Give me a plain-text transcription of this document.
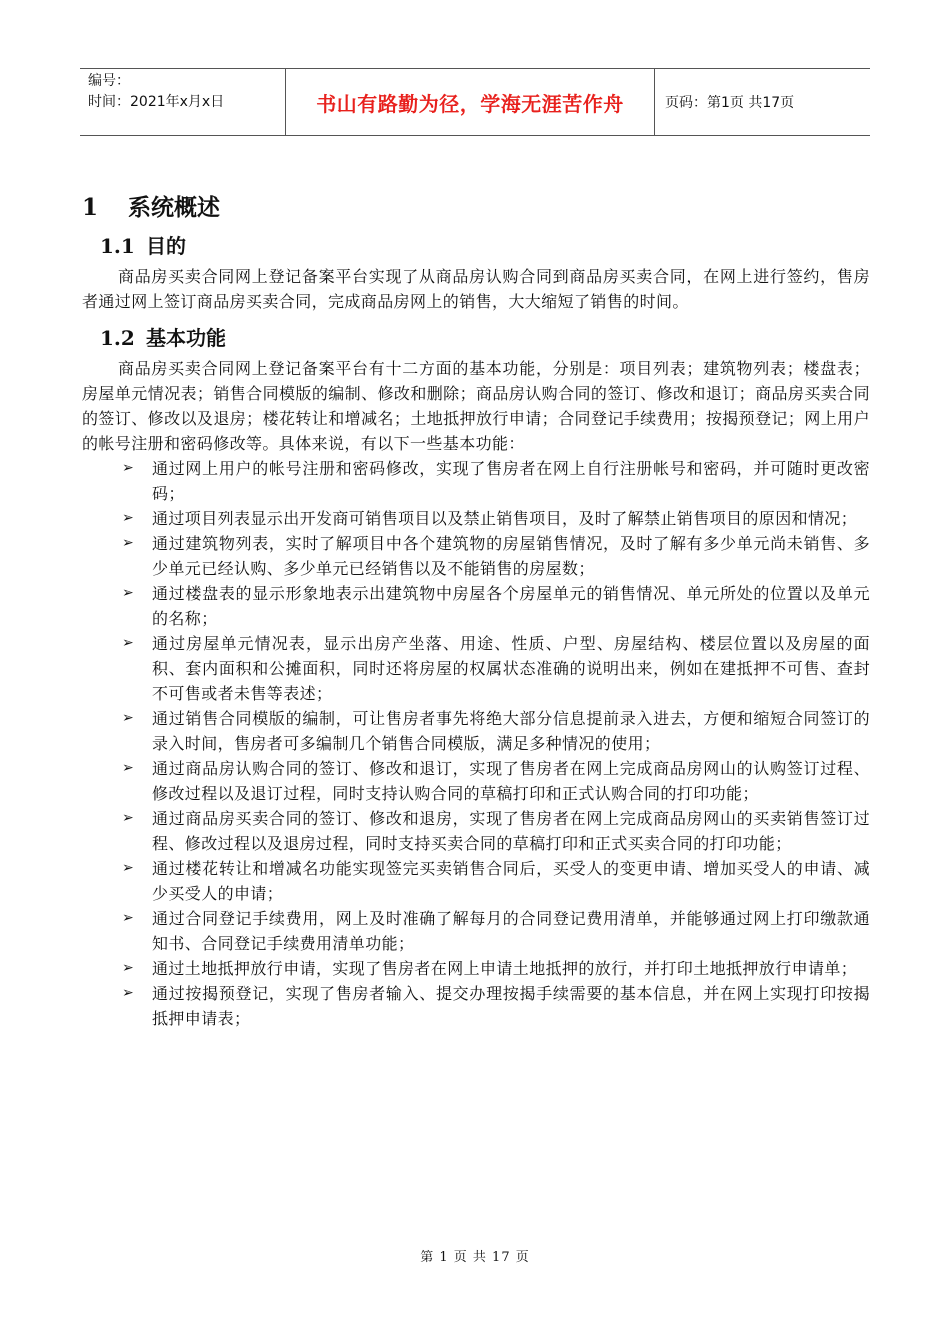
编号：
时间：2021年x月x日	书山有路勤为径，学海无涯苦作舟	页码：第1页 共17页
1 系统概述
1.1 目的

商品房买卖合同网上登记备案平台实现了从商品房认购合同到商品房买卖合同，在网上进行签约，售房者通过网上签订商品房买卖合同，完成商品房网上的销售，大大缩短了销售的时间。

1.2 基本功能

商品房买卖合同网上登记备案平台有十二方面的基本功能，分别是：项目列表；建筑物列表；楼盘表；房屋单元情况表；销售合同模版的编制、修改和删除；商品房认购合同的签订、修改和退订；商品房买卖合同的签订、修改以及退房；楼花转让和增减名；土地抵押放行申请；合同登记手续费用；按揭预登记；网上用户的帐号注册和密码修改等。具体来说，有以下一些基本功能：

➢ 通过网上用户的帐号注册和密码修改，实现了售房者在网上自行注册帐号和密码，并可随时更改密码；
➢ 通过项目列表显示出开发商可销售项目以及禁止销售项目，及时了解禁止销售项目的原因和情况；
➢ 通过建筑物列表，实时了解项目中各个建筑物的房屋销售情况，及时了解有多少单元尚未销售、多少单元已经认购、多少单元已经销售以及不能销售的房屋数；
➢ 通过楼盘表的显示形象地表示出建筑物中房屋各个房屋单元的销售情况、单元所处的位置以及单元的名称；
➢ 通过房屋单元情况表，显示出房产坐落、用途、性质、户型、房屋结构、楼层位置以及房屋的面积、套内面积和公摊面积，同时还将房屋的权属状态准确的说明出来，例如在建抵押不可售、查封不可售或者未售等表述；
➢ 通过销售合同模版的编制，可让售房者事先将绝大部分信息提前录入进去，方便和缩短合同签订的录入时间，售房者可多编制几个销售合同模版，满足多种情况的使用；
➢ 通过商品房认购合同的签订、修改和退订，实现了售房者在网上完成商品房网山的认购签订过程、修改过程以及退订过程，同时支持认购合同的草稿打印和正式认购合同的打印功能；
➢ 通过商品房买卖合同的签订、修改和退房，实现了售房者在网上完成商品房网山的买卖销售签订过程、修改过程以及退房过程，同时支持买卖合同的草稿打印和正式买卖合同的打印功能；
➢ 通过楼花转让和增减名功能实现签完买卖销售合同后，买受人的变更申请、增加买受人的申请、减少买受人的申请；
➢ 通过合同登记手续费用，网上及时准确了解每月的合同登记费用清单，并能够通过网上打印缴款通知书、合同登记手续费用清单功能；
➢ 通过土地抵押放行申请，实现了售房者在网上申请土地抵押的放行，并打印土地抵押放行申请单；
➢ 通过按揭预登记，实现了售房者输入、提交办理按揭手续需要的基本信息，并在网上实现打印按揭抵押申请表；
第 1 页 共 17 页
